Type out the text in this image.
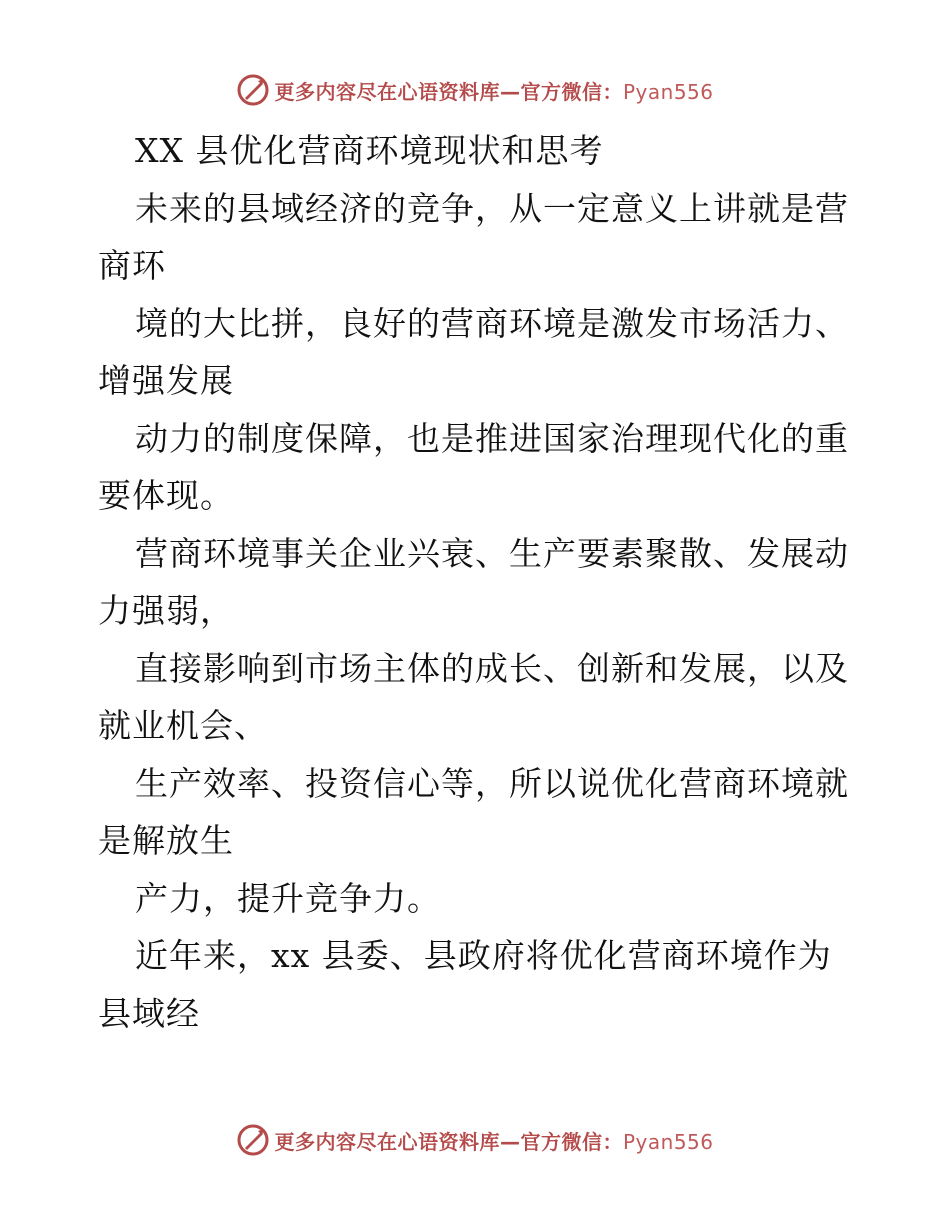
更多内容尽在心语资料库—官方微信：Pyan556
XX 县优化营商环境现状和思考
未来的县域经济的竞争，从一定意义上讲就是营
商环
境的大比拼，良好的营商环境是激发市场活力、
增强发展
动力的制度保障，也是推进国家治理现代化的重
要体现。
营商环境事关企业兴衰、生产要素聚散、发展动
力强弱，
直接影响到市场主体的成长、创新和发展，以及
就业机会、
生产效率、投资信心等，所以说优化营商环境就
是解放生
产力，提升竞争力。
近年来，xx 县委、县政府将优化营商环境作为
县域经
更多内容尽在心语资料库—官方微信：Pyan556
